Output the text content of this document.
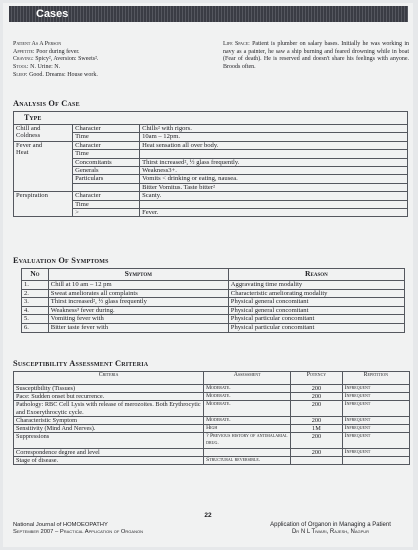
Cases
Patient As A Person
Appetite: Poor during fever.
Craving: Spicy², Aversion: Sweets².
Stool: N. Urine: N.
Sleep: Good. Dreams: House work.
Life Space: Patient is plumber on salary bases. Initially he was working in navy as a painter, he saw a ship burning and feared drowning while in boat (Fear of death). He is reserved and doesn't share his feelings with anyone. Broods often.
Analysis Of Case
Type		

Chill and
Coldness	Character	Chills² with rigors.
	Time	10am – 12pm.

Fever and
Heat	Character	Heat sensation all over body.
	Time	
	Concomitants	Thirst increased², ½ glass frequently.
	Generals	Weakness3+.
	Particulars	Vomits < drinking or eating, nausea.
		Bitter Vomitus. Taste bitter²

Perspiration	Character	Scanty.
	Time	
	>	Fever.
Evaluation Of Symptoms
No	Symptom	Reason
1.	Chill at 10 am – 12 pm	Aggravating time modality
2.	Sweat ameliorates all complaints	Characteristic ameliorating modality
3.	Thirst increased², ½ glass frequently	Physical general concomitant
4.	Weakness³ fever during.	Physical general concomitant
5.	Vomiting fever with	Physical particular concomitant
6.	Bitter taste fever with	Physical particular concomitant
Susceptibility Assessment Criteria
Criteria	Assessment	Potency	Repetition
Susceptibility (Tissues)	Moderate.	200	Infrequent
Pace: Sudden onset but recurrence.	Moderate.	200	Infrequent
Pathology: RBC Cell Lysis with release of merozoites. Both Erythrocytic and Exoerythrocytic cycle.	Moderate.	200	Infrequent
Characteristic Symptom	Moderate.	200	Infrequent
Sensitivity (Mind And Nerves).	High	1M	Infrequent
Suppressions	? Previous history of antimalarial drug.	200	Infrequent
Correspondence degree and level		200	Infrequent
Stage of disease.	Structural reversible.		
22
National Journal of HOMOEOPATHY
September 2007 – Practical Application of Organon
Application of Organon in Managing a Patient
Dr N L Tiwari, Rajesh, Nagpur
